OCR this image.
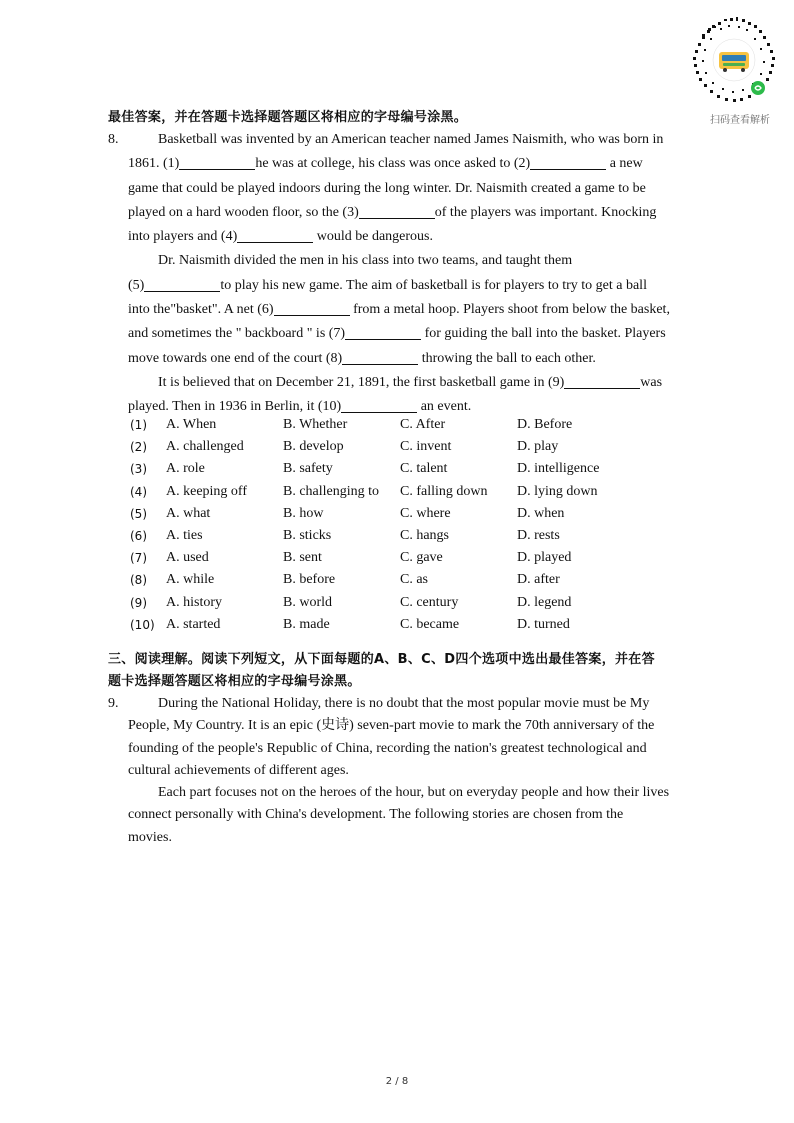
扫码查看解析
最佳答案，并在答题卡选择题答题区将相应的字母编号涂黑。
8.	Basketball was invented by an American teacher named James Naismith, who was born in
1861. (1)	he was at college, his class was once asked to (2)	a new
game that could be played indoors during the long winter. Dr. Naismith created a game to be
played on a hard wooden floor, so the (3)	of the players was important. Knocking
into players and (4)	would be dangerous.
Dr. Naismith divided the men in his class into two teams, and taught them
(5)	to play his new game. The aim of basketball is for players to try to get a ball
into the"basket". A net (6)	from a metal hoop. Players shoot from below the basket,
and sometimes the " backboard " is (7)	for guiding the ball into the basket. Players
move towards one end of the court (8)	throwing the ball to each other.
It is believed that on December 21, 1891, the first basketball game in (9)	was
played. Then in 1936 in Berlin, it (10)	an event.
(1) A. When	B. Whether	C. After	D. Before
(2) A. challenged	B. develop	C. invent	D. play
(3) A. role	B. safety	C. talent	D. intelligence
(4) A. keeping off	B. challenging to C. falling down D. lying down
(5) A. what	B. how	C. where	D. when
(6) A. ties	B. sticks	C. hangs	D. rests
(7) A. used	B. sent	C. gave	D. played
(8) A. while	B. before	C. as	D. after
(9) A. history	B. world	C. century	D. legend
(10) A. started	B. made	C. became	D. turned
三、阅读理解。阅读下列短文，从下面每题的A、B、C、D四个选项中选出最佳答案，并在答
题卡选择题答题区将相应的字母编号涂黑。
9.	During the National Holiday, there is no doubt that the most popular movie must be My
People, My Country. It is an epic (史诗) seven-part movie to mark the 70th anniversary of the
founding of the people's Republic of China, recording the nation's greatest technological and
cultural achievements of different ages.
Each part focuses not on the heroes of the hour, but on everyday people and how their lives
connect personally with China's development. The following stories are chosen from the
movies.
2 / 8
